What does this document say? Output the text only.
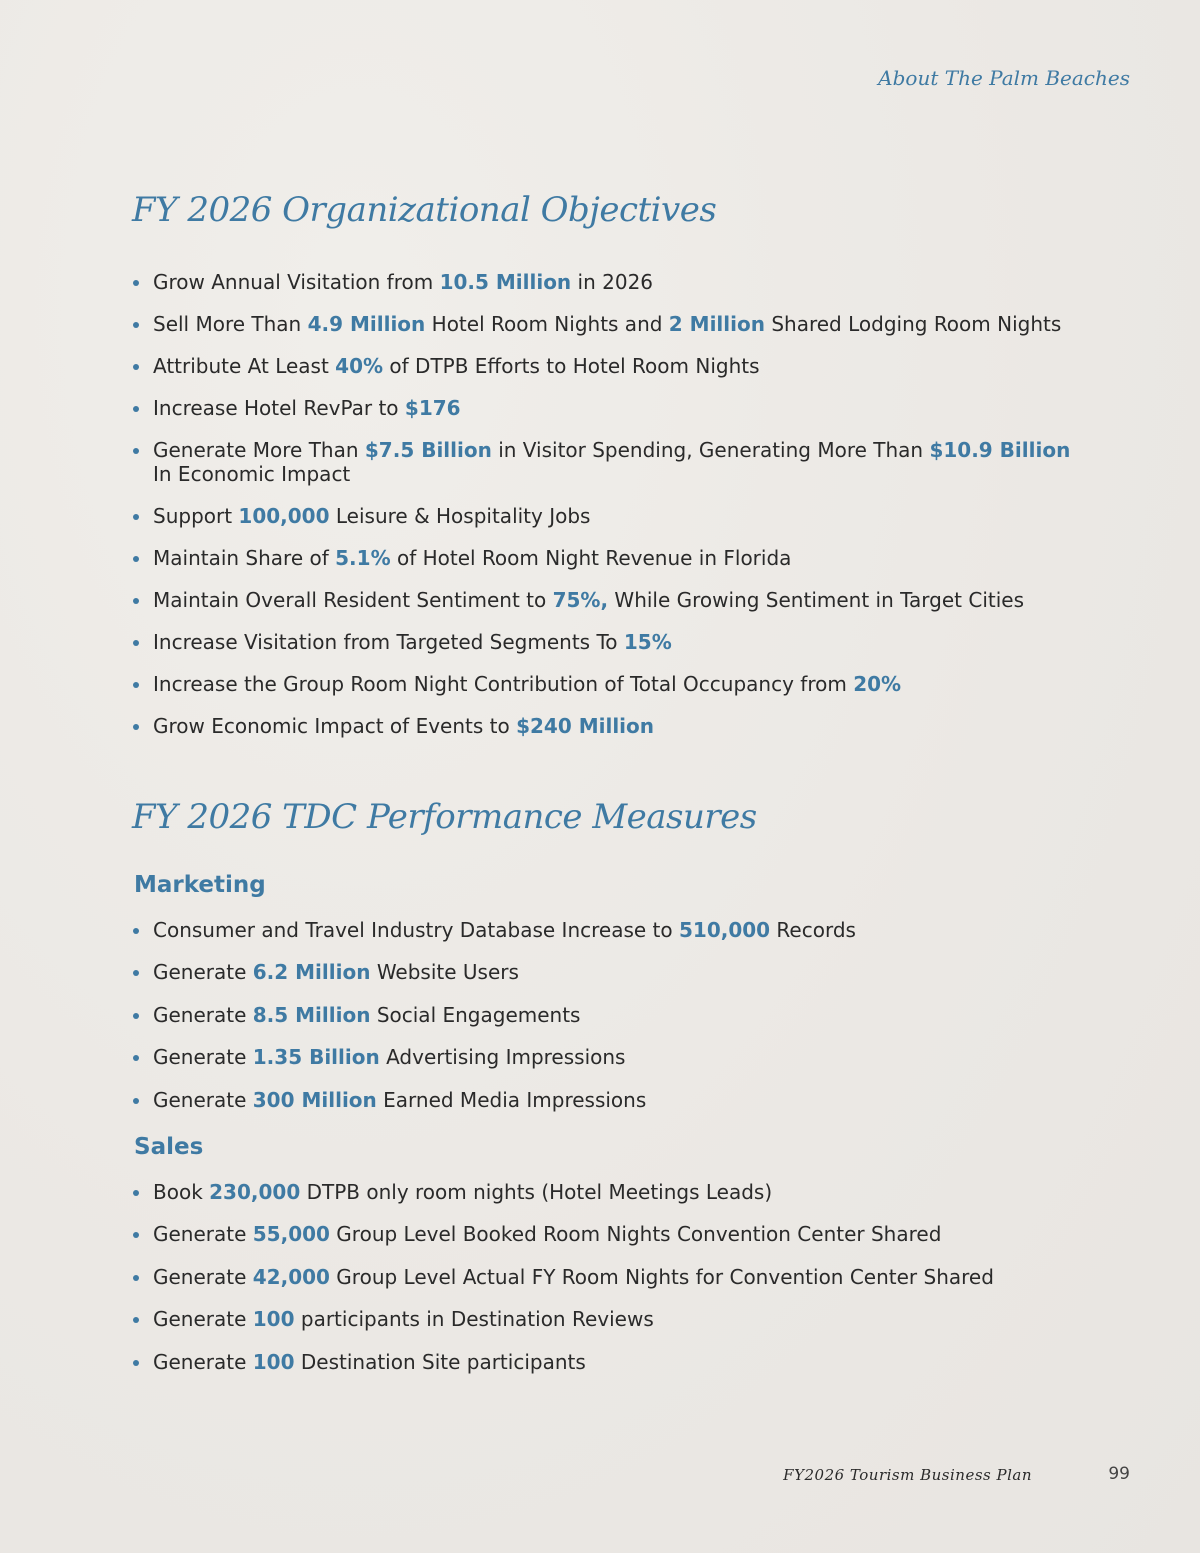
About The Palm Beaches

FY 2026 Organizational Objectives
Grow Annual Visitation from 10.5 Million in 2026
Sell More Than 4.9 Million Hotel Room Nights and 2 Million Shared Lodging Room Nights
Attribute At Least 40% of DTPB Efforts to Hotel Room Nights
Increase Hotel RevPar to $176
Generate More Than $7.5 Billion in Visitor Spending, Generating More Than $10.9 Billion In Economic Impact
Support 100,000 Leisure & Hospitality Jobs
Maintain Share of 5.1% of Hotel Room Night Revenue in Florida
Maintain Overall Resident Sentiment to 75%, While Growing Sentiment in Target Cities
Increase Visitation from Targeted Segments To 15%
Increase the Group Room Night Contribution of Total Occupancy from 20%
Grow Economic Impact of Events to $240 Million
FY 2026 TDC Performance Measures
Marketing
Consumer and Travel Industry Database Increase to 510,000 Records
Generate 6.2 Million Website Users
Generate 8.5 Million Social Engagements
Generate 1.35 Billion Advertising Impressions
Generate 300 Million Earned Media Impressions
Sales
Book 230,000 DTPB only room nights (Hotel Meetings Leads)
Generate 55,000 Group Level Booked Room Nights Convention Center Shared
Generate 42,000 Group Level Actual FY Room Nights for Convention Center Shared
Generate 100 participants in Destination Reviews
Generate 100 Destination Site participants

FY2026 Tourism Business Plan	99
